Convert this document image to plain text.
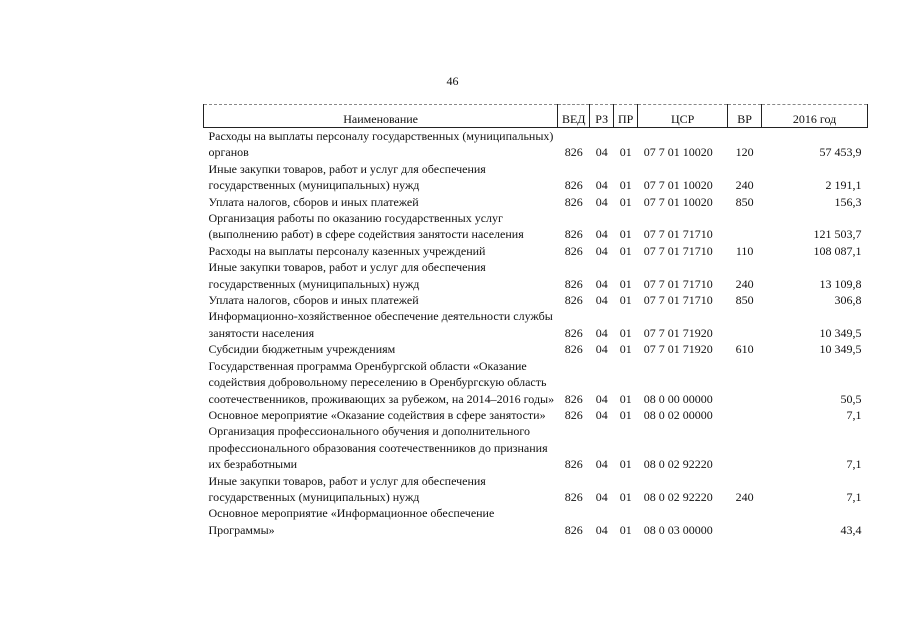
46
Наименование	ВЕД	РЗ	ПР	ЦСР	ВР	2016 год
Расходы на выплаты персоналу государственных (муниципальных) органов	826	04	01	07 7 01 10020	120	57 453,9
Иные закупки товаров, работ и услуг для обеспечения государственных (муниципальных) нужд	826	04	01	07 7 01 10020	240	2 191,1
Уплата налогов, сборов и иных платежей	826	04	01	07 7 01 10020	850	156,3
Организация работы по оказанию государственных услуг (выполнению работ) в сфере содействия занятости населения	826	04	01	07 7 01 71710		121 503,7
Расходы на выплаты персоналу казенных учреждений	826	04	01	07 7 01 71710	110	108 087,1
Иные закупки товаров, работ и услуг для обеспечения государственных (муниципальных) нужд	826	04	01	07 7 01 71710	240	13 109,8
Уплата налогов, сборов и иных платежей	826	04	01	07 7 01 71710	850	306,8
Информационно-хозяйственное обеспечение деятельности службы занятости населения	826	04	01	07 7 01 71920		10 349,5
Субсидии бюджетным учреждениям	826	04	01	07 7 01 71920	610	10 349,5
Государственная программа Оренбургской области «Оказание содействия добровольному переселению в Оренбургскую область соотечественников, проживающих за рубежом, на 2014–2016 годы»	826	04	01	08 0 00 00000		50,5
Основное мероприятие «Оказание содействия в сфере занятости»	826	04	01	08 0 02 00000		7,1
Организация профессионального обучения и дополнительного профессионального образования соотечественников до признания их безработными	826	04	01	08 0 02 92220		7,1
Иные закупки товаров, работ и услуг для обеспечения государственных (муниципальных) нужд	826	04	01	08 0 02 92220	240	7,1
Основное мероприятие «Информационное обеспечение Программы»	826	04	01	08 0 03 00000		43,4
